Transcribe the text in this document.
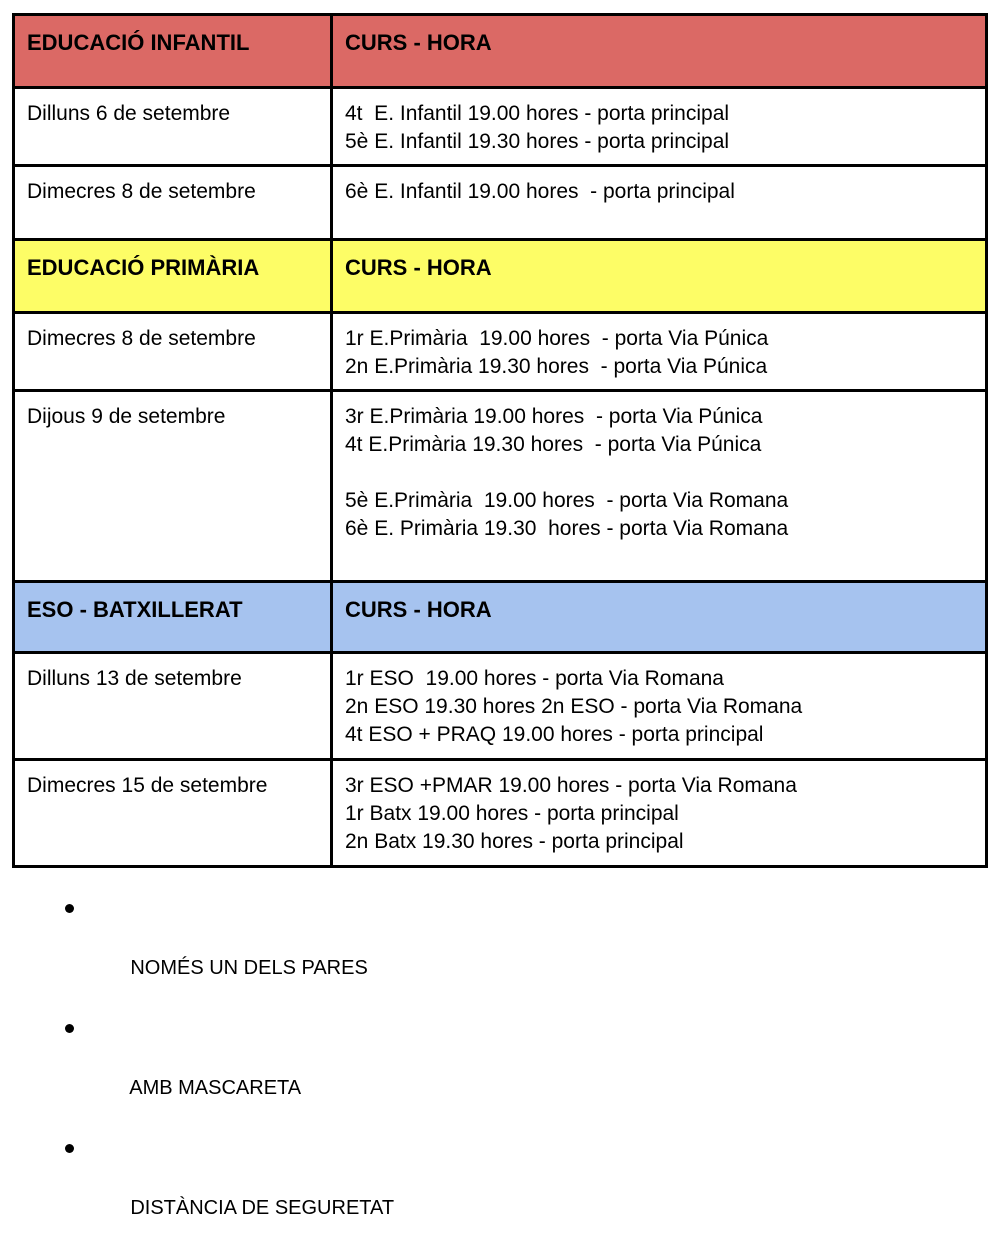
EDUCACIÓ INFANTIL	CURS - HORA
Dilluns 6 de setembre	4t  E. Infantil 19.00 hores - porta principal
5è E. Infantil 19.30 hores - porta principal
Dimecres 8 de setembre	6è E. Infantil 19.00 hores  - porta principal
EDUCACIÓ PRIMÀRIA	CURS - HORA
Dimecres 8 de setembre	1r E.Primària  19.00 hores  - porta Via Púnica
2n E.Primària 19.30 hores  - porta Via Púnica
Dijous 9 de setembre	3r E.Primària 19.00 hores  - porta Via Púnica
4t E.Primària 19.30 hores  - porta Via Púnica

5è E.Primària  19.00 hores  - porta Via Romana
6è E. Primària 19.30  hores - porta Via Romana
ESO - BATXILLERAT	CURS - HORA
Dilluns 13 de setembre	1r ESO  19.00 hores - porta Via Romana
2n ESO 19.30 hores 2n ESO - porta Via Romana
4t ESO + PRAQ 19.00 hores - porta principal
Dimecres 15 de setembre	3r ESO +PMAR 19.00 hores - porta Via Romana
1r Batx 19.00 hores - porta principal
2n Batx 19.30 hores - porta principal

NOMÉS UN DELS PARES

AMB MASCARETA

DISTÀNCIA DE SEGURETAT
